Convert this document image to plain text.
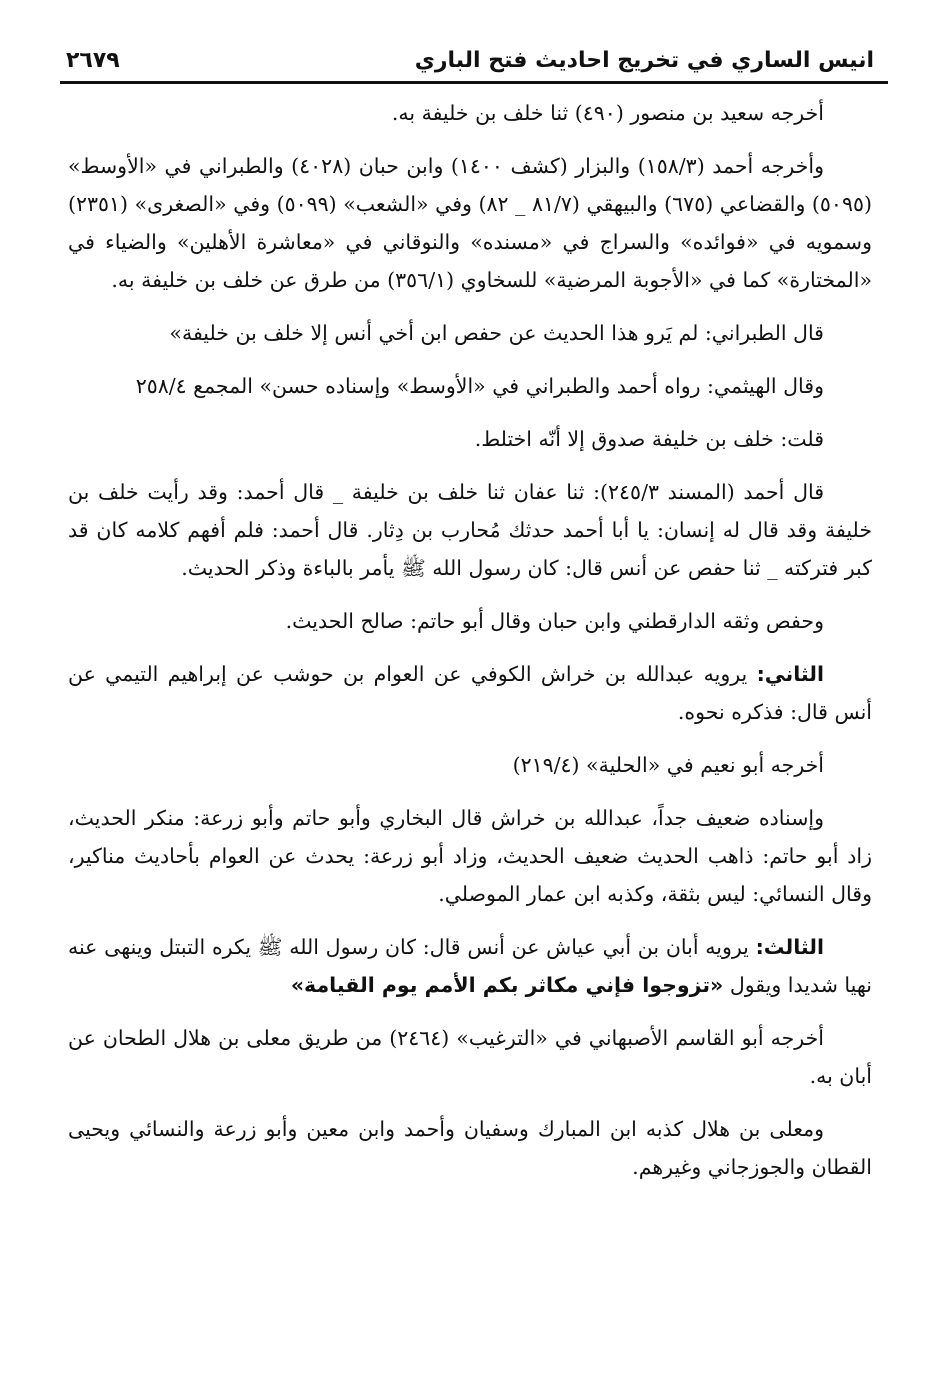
انيس الساري في تخريج احاديث فتح الباري
٢٦٧٩

أخرجه سعيد بن منصور (٤٩٠) ثنا خلف بن خليفة به.

وأخرجه أحمد (١٥٨/٣) والبزار (كشف ١٤٠٠) وابن حبان (٤٠٢٨) والطبراني في «الأوسط» (٥٠٩٥) والقضاعي (٦٧٥) والبيهقي (٨١/٧ _ ٨٢) وفي «الشعب» (٥٠٩٩) وفي «الصغرى» (٢٣٥١) وسمويه في «فوائده» والسراج في «مسنده» والنوقاني في «معاشرة الأهلين» والضياء في «المختارة» كما في «الأجوبة المرضية» للسخاوي (٣٥٦/١) من طرق عن خلف بن خليفة به.

قال الطبراني: لم يَرو هذا الحديث عن حفص ابن أخي أنس إلا خلف بن خليفة»

وقال الهيثمي: رواه أحمد والطبراني في «الأوسط» وإسناده حسن» المجمع ٢٥٨/٤

قلت: خلف بن خليفة صدوق إلا أنّه اختلط.

قال أحمد (المسند ٢٤٥/٣): ثنا عفان ثنا خلف بن خليفة _ قال أحمد: وقد رأيت خلف بن خليفة وقد قال له إنسان: يا أبا أحمد حدثك مُحارب بن دِثار. قال أحمد: فلم أفهم كلامه كان قد كبر فتركته _ ثنا حفص عن أنس قال: كان رسول الله ﷺ يأمر بالباءة وذكر الحديث.

وحفص وثقه الدارقطني وابن حبان وقال أبو حاتم: صالح الحديث.

الثاني: يرويه عبدالله بن خراش الكوفي عن العوام بن حوشب عن إبراهيم التيمي عن أنس قال: فذكره نحوه.

أخرجه أبو نعيم في «الحلية» (٢١٩/٤)

وإسناده ضعيف جداً، عبدالله بن خراش قال البخاري وأبو حاتم وأبو زرعة: منكر الحديث، زاد أبو حاتم: ذاهب الحديث ضعيف الحديث، وزاد أبو زرعة: يحدث عن العوام بأحاديث مناكير، وقال النسائي: ليس بثقة، وكذبه ابن عمار الموصلي.

الثالث: يرويه أبان بن أبي عياش عن أنس قال: كان رسول الله ﷺ يكره التبتل وينهى عنه نهيا شديدا ويقول «تزوجوا فإني مكاثر بكم الأمم يوم القيامة»

أخرجه أبو القاسم الأصبهاني في «الترغيب» (٢٤٦٤) من طريق معلى بن هلال الطحان عن أبان به.

ومعلى بن هلال كذبه ابن المبارك وسفيان وأحمد وابن معين وأبو زرعة والنسائي ويحيى القطان والجوزجاني وغيرهم.
